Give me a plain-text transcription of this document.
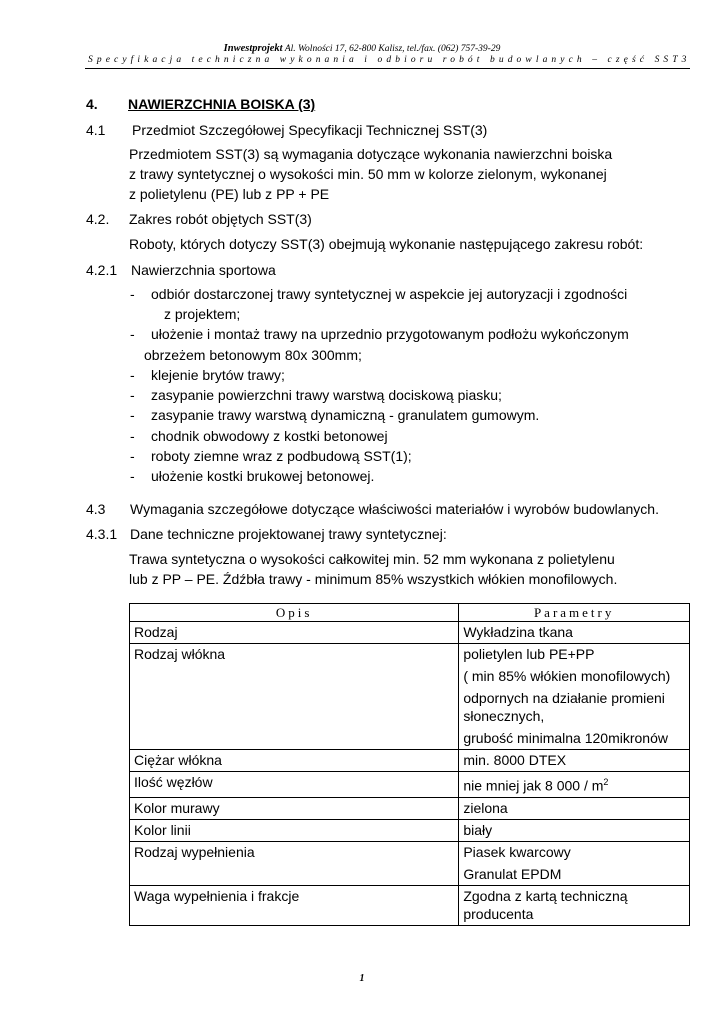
Inwestprojekt Al. Wolności 17, 62-800 Kalisz, tel./fax. (062) 757-39-29
Specyfikacja techniczna wykonania i odbioru robót budowlanych – część SST3
4. NAWIERZCHNIA BOISKA (3)
4.1 Przedmiot Szczegółowej Specyfikacji Technicznej SST(3)
Przedmiotem SST(3) są wymagania dotyczące wykonania nawierzchni boiska
z trawy syntetycznej o wysokości min. 50 mm w kolorze zielonym, wykonanej
z polietylenu (PE) lub z PP + PE
4.2. Zakres robót objętych SST(3)
Roboty, których dotyczy SST(3) obejmują wykonanie następującego zakresu robót:
4.2.1 Nawierzchnia sportowa
- odbiór dostarczonej trawy syntetycznej w aspekcie jej autoryzacji i zgodności
z projektem;
- ułożenie i montaż trawy na uprzednio przygotowanym podłożu wykończonym
obrzeżem betonowym 80x 300mm;
- klejenie brytów trawy;
- zasypanie powierzchni trawy warstwą dociskową piasku;
- zasypanie trawy warstwą dynamiczną - granulatem gumowym.
- chodnik obwodowy z kostki betonowej
- roboty ziemne wraz z podbudową SST(1);
- ułożenie kostki brukowej betonowej.
4.3 Wymagania szczegółowe dotyczące właściwości materiałów i wyrobów budowlanych.
4.3.1 Dane techniczne projektowanej trawy syntetycznej:
Trawa syntetyczna o wysokości całkowitej min. 52 mm wykonana z polietylenu
lub z PP – PE. Źdźbła trawy - minimum 85% wszystkich włókien monofilowych.
Opis	Parametry
Rodzaj	Wykładzina tkana

Rodzaj włókna	polietylen lub PE+PP

( min 85% włókien monofilowych)

odpornych na działanie promieni słonecznych,

grubość minimalna 120mikronów

Ciężar włókna	min. 8000 DTEX

Ilość węzłów	nie mniej jak 8 $000 / m^2$

Kolor murawy	zielona

Kolor linii	biały

Rodzaj wypełnienia	Piasek kwarcowy

Granulat EPDM

Waga wypełnienia i frakcje	Zgodna z kartą techniczną producenta

1
